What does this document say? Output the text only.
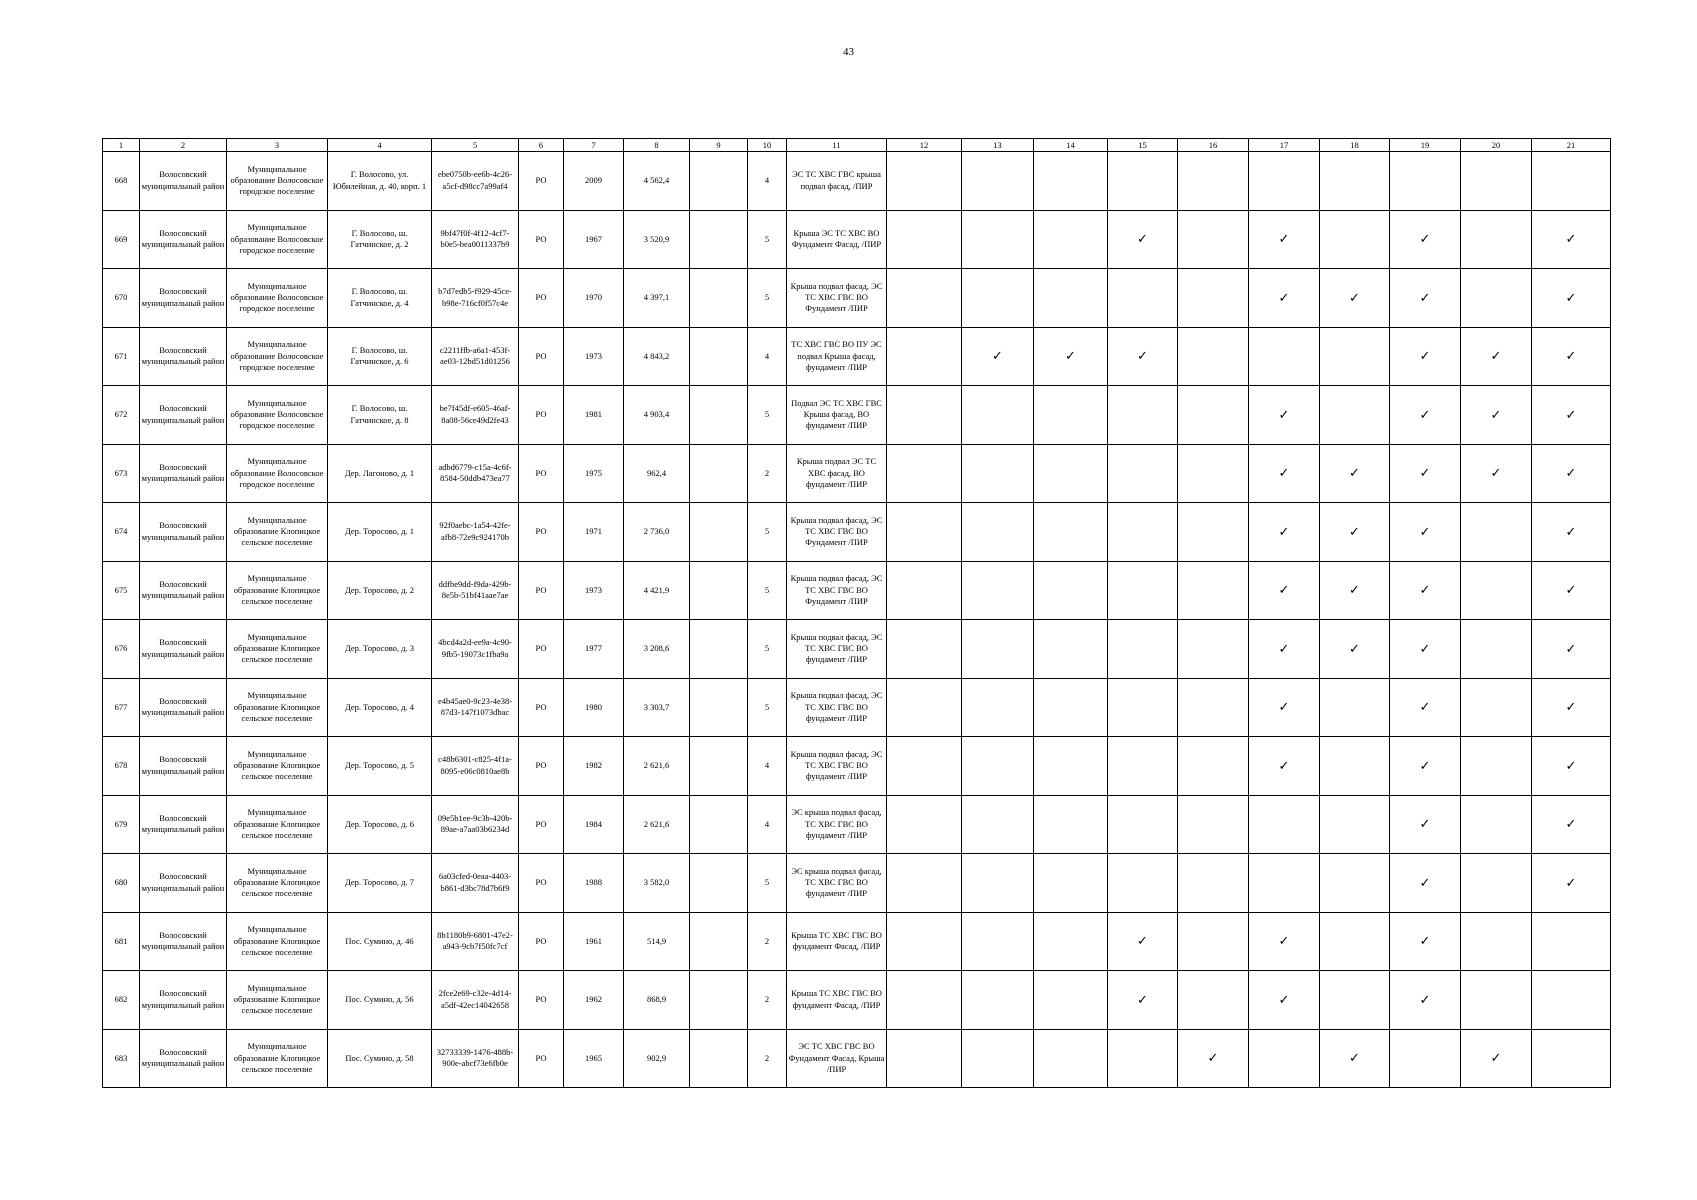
43
1	2	3	4	5	6	7	8	9	10	11	12	13	14	15	16	17	18	19	20	21
668	Волосовский муниципальный район	Муниципальное образование Волосовское городское поселение	Г. Волосово, ул. Юбилейная, д. 40, корп. 1	ebe0750b-ee6b-4c26-a5cf-d98cc7a99af4	РО	2009	4 562,4		4	ЭС ТС ХВС ГВС крыша подвал фасад, /ПИР										
669	Волосовский муниципальный район	Муниципальное образование Волосовское городское поселение	Г. Волосово, ш. Гатчинское, д. 2	9bf47f0f-4f12-4cf7-b0e5-bea0011337b9	РО	1967	3 520,9		5	Крыша ЭС ТС ХВС ВО Фундамент Фасад, /ПИР				✓		✓		✓		✓
670	Волосовский муниципальный район	Муниципальное образование Волосовское городское поселение	Г. Волосово, ш. Гатчинское, д. 4	b7d7edb5-f929-45ce-b98e-716cf0f57c4e	РО	1970	4 397,1		5	Крыша подвал фасад, ЭС ТС ХВС ГВС ВО Фундамент /ПИР						✓	✓	✓		✓
671	Волосовский муниципальный район	Муниципальное образование Волосовское городское поселение	Г. Волосово, ш. Гатчинское, д. 6	c2211ffb-a6a1-453f-ae03-12bd51d01256	РО	1973	4 843,2		4	ТС ХВС ГВС ВО ПУ ЭС подвал Крыша фасад, фундамент /ПИР		✓	✓	✓				✓	✓	✓
672	Волосовский муниципальный район	Муниципальное образование Волосовское городское поселение	Г. Волосово, ш. Гатчинское, д. 8	be7f45df-e605-46af-8a08-56ce49d2fe43	РО	1981	4 903,4		5	Подвал ЭС ТС ХВС ГВС Крыша фасад, ВО фундамент /ПИР						✓		✓	✓	✓
673	Волосовский муниципальный район	Муниципальное образование Волосовское городское поселение	Дер. Лагоново, д. 1	adbd6779-c15a-4c6f-8584-50ddb473ea77	РО	1975	962,4		2	Крыша подвал ЭС ТС ХВС фасад, ВО фундамент /ПИР						✓	✓	✓	✓	✓
674	Волосовский муниципальный район	Муниципальное образование Клопицкое сельское поселение	Дер. Торосово, д. 1	92f0aebc-1a54-42fe-afb8-72e9c924170b	РО	1971	2 736,0		5	Крыша подвал фасад, ЭС ТС ХВС ГВС ВО Фундамент /ПИР						✓	✓	✓		✓
675	Волосовский муниципальный район	Муниципальное образование Клопицкое сельское поселение	Дер. Торосово, д. 2	ddfbe9dd-f9da-429b-8e5b-51bf41aae7ae	РО	1973	4 421,9		5	Крыша подвал фасад, ЭС ТС ХВС ГВС ВО Фундамент /ПИР						✓	✓	✓		✓
676	Волосовский муниципальный район	Муниципальное образование Клопицкое сельское поселение	Дер. Торосово, д. 3	4bcd4a2d-ee9a-4c90-9fb5-19073c1fba9a	РО	1977	3 208,6		5	Крыша подвал фасад, ЭС ТС ХВС ГВС ВО фундамент /ПИР						✓	✓	✓		✓
677	Волосовский муниципальный район	Муниципальное образование Клопицкое сельское поселение	Дер. Торосово, д. 4	e4b45ae0-9c23-4e38-87d3-147f1073dbac	РО	1980	3 303,7		5	Крыша подвал фасад, ЭС ТС ХВС ГВС ВО фундамент /ПИР						✓		✓		✓
678	Волосовский муниципальный район	Муниципальное образование Клопицкое сельское поселение	Дер. Торосово, д. 5	c48b6301-c825-4f1a-8095-e06c0810ae8b	РО	1982	2 621,6		4	Крыша подвал фасад, ЭС ТС ХВС ГВС ВО фундамент /ПИР						✓		✓		✓
679	Волосовский муниципальный район	Муниципальное образование Клопицкое сельское поселение	Дер. Торосово, д. 6	09e5b1ee-9c3b-420b-89ae-a7aa03b6234d	РО	1984	2 621,6		4	ЭС крыша подвал фасад, ТС ХВС ГВС ВО фундамент /ПИР								✓		✓
680	Волосовский муниципальный район	Муниципальное образование Клопицкое сельское поселение	Дер. Торосово, д. 7	6a03cfed-0eaa-4403-b861-d3bc78d7b6f9	РО	1988	3 582,0		5	ЭС крыша подвал фасад, ТС ХВС ГВС ВО фундамент /ПИР								✓		✓
681	Волосовский муниципальный район	Муниципальное образование Клопицкое сельское поселение	Пос. Сумино, д. 46	8b1180b9-6801-47e2-a943-9cb7f50fc7cf	РО	1961	514,9		2	Крыша ТС ХВС ГВС ВО фундамент Фасад, /ПИР				✓		✓		✓		
682	Волосовский муниципальный район	Муниципальное образование Клопицкое сельское поселение	Пос. Сумино, д. 56	2fce2e69-c32e-4d14-a5df-42ec14042658	РО	1962	868,9		2	Крыша ТС ХВС ГВС ВО фундамент Фасад, /ПИР				✓		✓		✓		
683	Волосовский муниципальный район	Муниципальное образование Клопицкое сельское поселение	Пос. Сумино, д. 58	32733339-1476-488b-900e-abcf73e6fb0e	РО	1965	902,9		2	ЭС ТС ХВС ГВС ВО Фундамент Фасад, Крыша /ПИР					✓		✓		✓	
